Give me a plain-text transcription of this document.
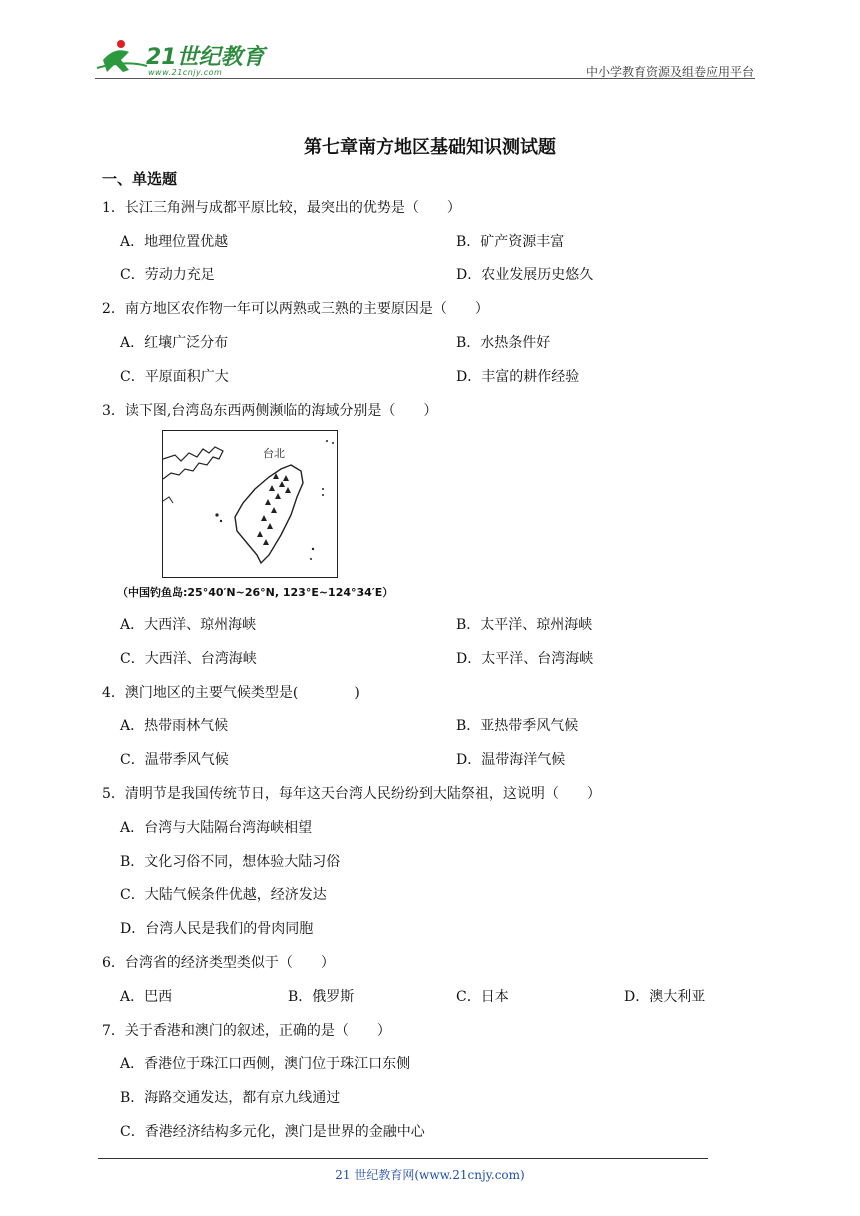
21世纪教育
www.21cnjy.com	中小学教育资源及组卷应用平台
第七章南方地区基础知识测试题
一、单选题
1．长江三角洲与成都平原比较，最突出的优势是（　　）
A．地理位置优越	B．矿产资源丰富
C．劳动力充足	D．农业发展历史悠久
2．南方地区农作物一年可以两熟或三熟的主要原因是（　　）
A．红壤广泛分布	B．水热条件好
C．平原面积广大	D．丰富的耕作经验
3．读下图,台湾岛东西两侧濒临的海域分别是（　　）
台北
（中国钓鱼岛:25°40′N~26°N, 123°E~124°34′E）
A．大西洋、琼州海峡	B．太平洋、琼州海峡
C．大西洋、台湾海峡	D．太平洋、台湾海峡
4．澳门地区的主要气候类型是(　　　　)
A．热带雨林气候	B．亚热带季风气候
C．温带季风气候	D．温带海洋气候
5．清明节是我国传统节日，每年这天台湾人民纷纷到大陆祭祖，这说明（　　）
A．台湾与大陆隔台湾海峡相望
B．文化习俗不同，想体验大陆习俗
C．大陆气候条件优越，经济发达
D．台湾人民是我们的骨肉同胞
6．台湾省的经济类型类似于（　　）
A．巴西	B．俄罗斯	C．日本	D．澳大利亚
7．关于香港和澳门的叙述，正确的是（　　）
A．香港位于珠江口西侧，澳门位于珠江口东侧
B．海路交通发达，都有京九线通过
C．香港经济结构多元化，澳门是世界的金融中心
21 世纪教育网(www.21cnjy.com)
